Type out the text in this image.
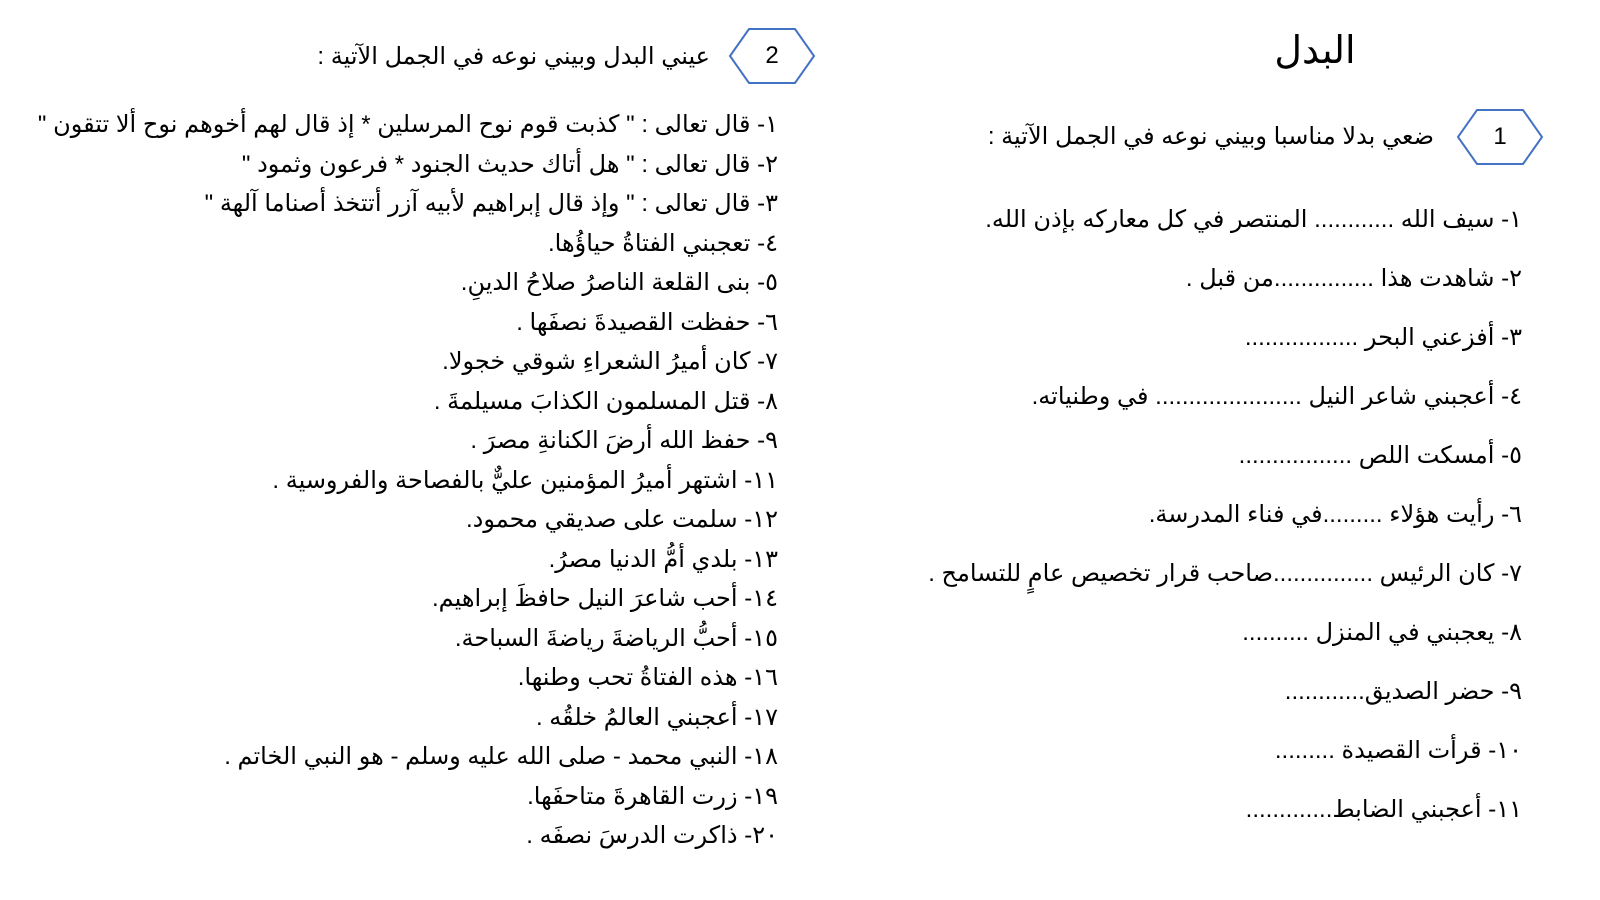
البدل
1
ضعي بدلا مناسبا وبيني نوعه في الجمل الآتية :
١- سيف الله ............ المنتصر في كل معاركه بإذن الله.
٢- شاهدت هذا ...............من قبل .
٣- أفزعني البحر .................
٤- أعجبني شاعر النيل ...................... في وطنياته.
٥- أمسكت اللص .................
٦- رأيت هؤلاء .........في فناء المدرسة.
٧- كان الرئيس ...............صاحب قرار تخصيص عامٍ للتسامح .
٨- يعجبني في المنزل ..........
٩- حضر الصديق............
١٠- قرأت القصيدة .........
١١- أعجبني الضابط.............
2
عيني البدل وبيني نوعه في الجمل الآتية :
١- قال تعالى : " كذبت قوم نوح المرسلين * إذ قال لهم أخوهم نوح ألا تتقون "
٢- قال تعالى : " هل أتاك حديث الجنود * فرعون وثمود "
٣- قال تعالى : " وإذ قال إبراهيم لأبيه آزر أتتخذ أصناما آلهة "
٤- تعجبني الفتاةُ حياؤُها.
٥- بنى القلعة الناصرُ صلاحُ الدينِ.
٦- حفظت القصيدةَ نصفَها .
٧- كان أميرُ الشعراءِ شوقي خجولا.
٨- قتل المسلمون الكذابَ مسيلمةَ .
٩- حفظ الله أرضَ الكنانةِ مصرَ .
١١- اشتهر أميرُ المؤمنين عليٌّ بالفصاحة والفروسية .
١٢- سلمت على صديقي محمود.
١٣- بلدي أمُّ الدنيا مصرُ.
١٤- أحب شاعرَ النيل حافظَ إبراهيم.
١٥- أحبُّ الرياضةَ رياضةَ السباحة.
١٦- هذه الفتاةُ تحب وطنها.
١٧- أعجبني العالمُ خلقُه .
١٨- النبي محمد - صلى الله عليه وسلم - هو النبي الخاتم .
١٩- زرت القاهرةَ متاحفَها.
٢٠- ذاكرت الدرسَ نصفَه .
